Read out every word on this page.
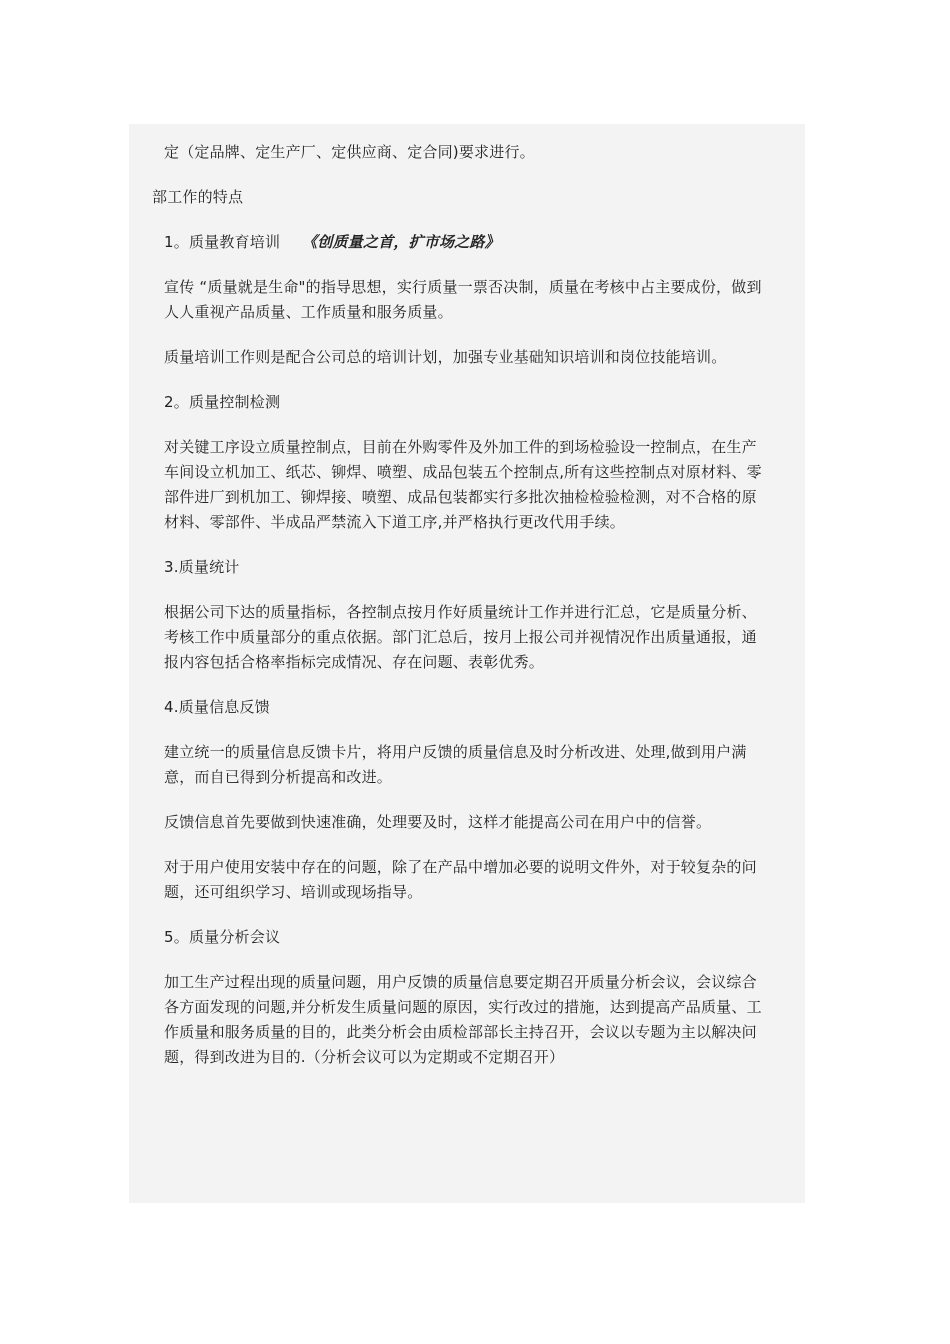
定（定品牌、定生产厂、定供应商、定合同)要求进行。

部工作的特点

1。质量教育培训 《创质量之首，扩市场之路》

宣传 “质量就是生命"的指导思想，实行质量一票否决制，质量在考核中占主要成份，做到人人重视产品质量、工作质量和服务质量。

质量培训工作则是配合公司总的培训计划，加强专业基础知识培训和岗位技能培训。

2。质量控制检测

对关键工序设立质量控制点，目前在外购零件及外加工件的到场检验设一控制点，在生产车间设立机加工、纸芯、铆焊、喷塑、成品包装五个控制点,所有这些控制点对原材料、零部件进厂到机加工、铆焊接、喷塑、成品包装都实行多批次抽检检验检测，对不合格的原材料、零部件、半成品严禁流入下道工序,并严格执行更改代用手续。

3.质量统计

根据公司下达的质量指标，各控制点按月作好质量统计工作并进行汇总，它是质量分析、考核工作中质量部分的重点依据。部门汇总后，按月上报公司并视情况作出质量通报，通报内容包括合格率指标完成情况、存在问题、表彰优秀。

4.质量信息反馈

建立统一的质量信息反馈卡片，将用户反馈的质量信息及时分析改进、处理,做到用户满意，而自已得到分析提高和改进。

反馈信息首先要做到快速准确，处理要及时，这样才能提高公司在用户中的信誉。

对于用户使用安装中存在的问题，除了在产品中增加必要的说明文件外，对于较复杂的问题，还可组织学习、培训或现场指导。

5。质量分析会议

加工生产过程出现的质量问题，用户反馈的质量信息要定期召开质量分析会议，会议综合各方面发现的问题,并分析发生质量问题的原因，实行改过的措施，达到提高产品质量、工作质量和服务质量的目的，此类分析会由质检部部长主持召开，会议以专题为主以解决问题，得到改进为目的.（分析会议可以为定期或不定期召开）
